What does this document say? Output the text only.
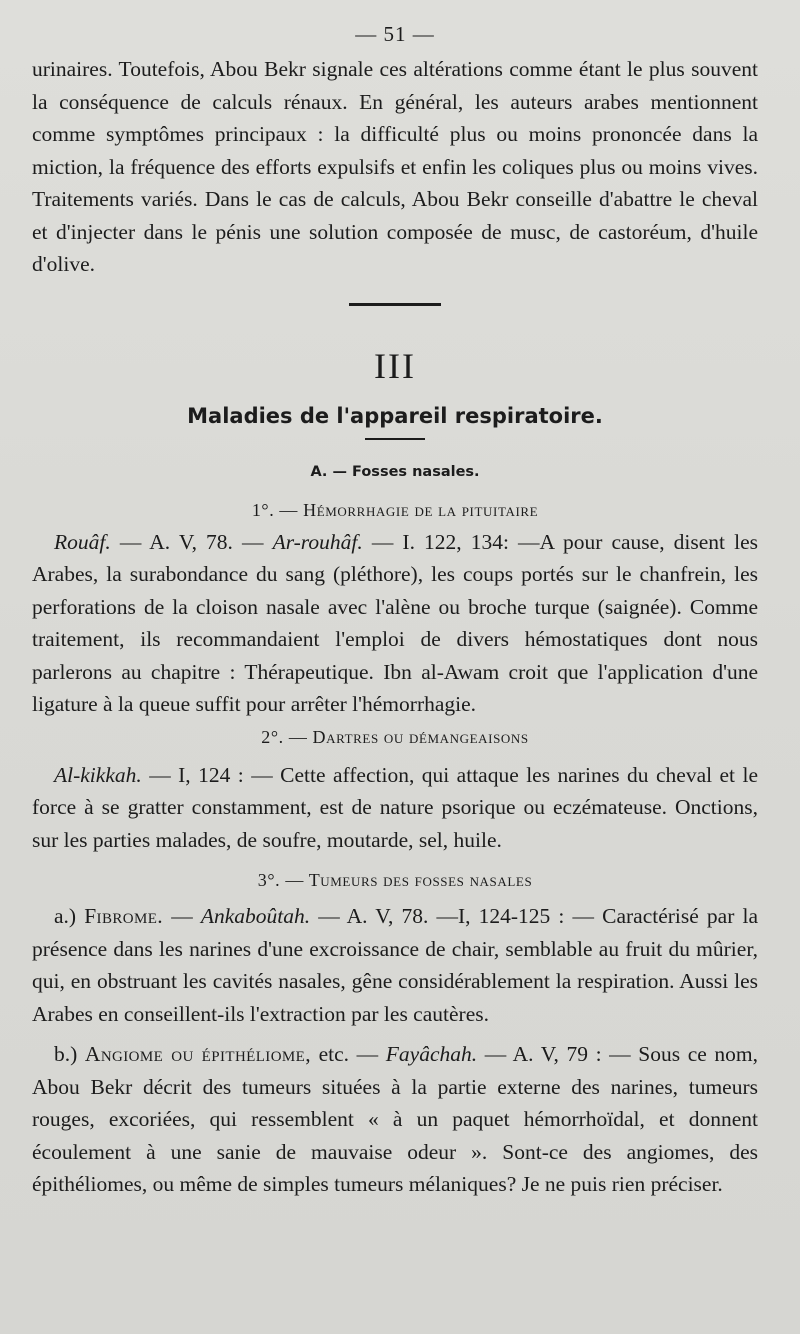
— 51 —

urinaires. Toutefois, Abou Bekr signale ces altérations comme étant le plus souvent la conséquence de calculs rénaux. En général, les auteurs arabes mentionnent comme symptômes principaux : la difficulté plus ou moins prononcée dans la miction, la fréquence des efforts expulsifs et enfin les coliques plus ou moins vives. Traitements variés. Dans le cas de calculs, Abou Bekr conseille d'abattre le cheval et d'injecter dans le pénis une solution composée de musc, de castoréum, d'huile d'olive.

III
Maladies de l'appareil respiratoire.
A. — Fosses nasales.
1°. — Hémorrhagie de la pituitaire

Rouâf. — A. V, 78. — Ar-rouhâf. — I. 122, 134: —A pour cause, disent les Arabes, la surabondance du sang (pléthore), les coups portés sur le chanfrein, les perforations de la cloison nasale avec l'alène ou broche turque (saignée). Comme traitement, ils recommandaient l'emploi de divers hémostatiques dont nous parlerons au chapitre : Thérapeutique. Ibn al-Awam croit que l'application d'une ligature à la queue suffit pour arrêter l'hémorrhagie.

2°. — Dartres ou démangeaisons

Al-kikkah. — I, 124 : — Cette affection, qui attaque les narines du cheval et le force à se gratter constamment, est de nature psorique ou eczémateuse. Onctions, sur les parties malades, de soufre, moutarde, sel, huile.

3°. — Tumeurs des fosses nasales

a.) Fibrome. — Ankaboûtah. — A. V, 78. —I, 124-125 : — Caractérisé par la présence dans les narines d'une excroissance de chair, semblable au fruit du mûrier, qui, en obstruant les cavités nasales, gêne considérablement la respiration. Aussi les Arabes en conseillent-ils l'extraction par les cautères.

b.) Angiome ou épithéliome, etc. — Fayâchah. — A. V, 79 : — Sous ce nom, Abou Bekr décrit des tumeurs situées à la partie externe des narines, tumeurs rouges, excoriées, qui ressemblent « à un paquet hémorrhoïdal, et donnent écoulement à une sanie de mauvaise odeur ». Sont-ce des angiomes, des épithéliomes, ou même de simples tumeurs mélaniques? Je ne puis rien préciser.
